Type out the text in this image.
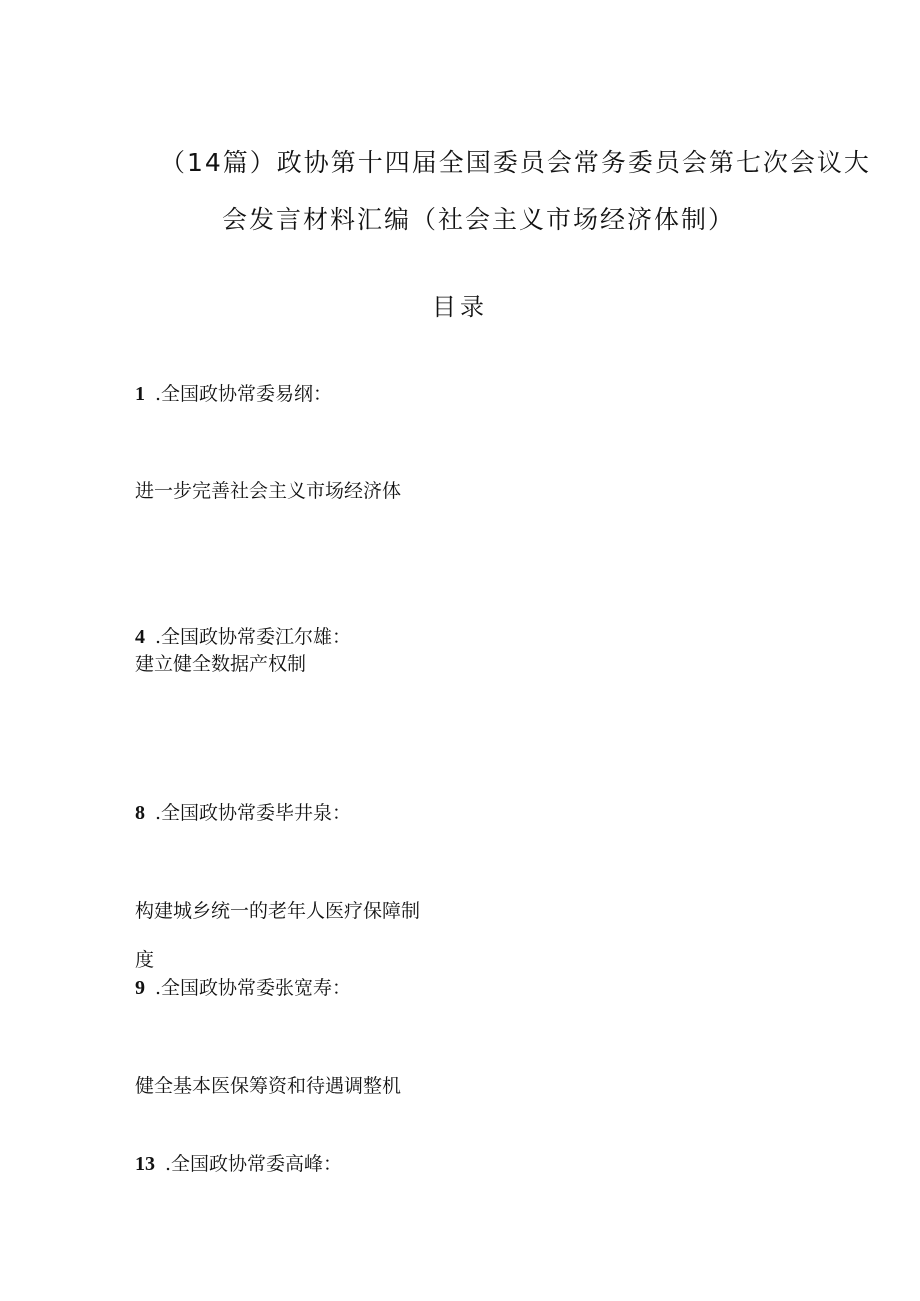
（14篇）政协第十四届全国委员会常务委员会第七次会议大
会发言材料汇编（社会主义市场经济体制）
目录
1 .全国政协常委易纲：
进一步完善社会主义市场经济体
4 .全国政协常委江尔雄：
建立健全数据产权制
8 .全国政协常委毕井泉：
构建城乡统一的老年人医疗保障制
度
9 .全国政协常委张宽寿：
健全基本医保筹资和待遇调整机
13 .全国政协常委高峰：
